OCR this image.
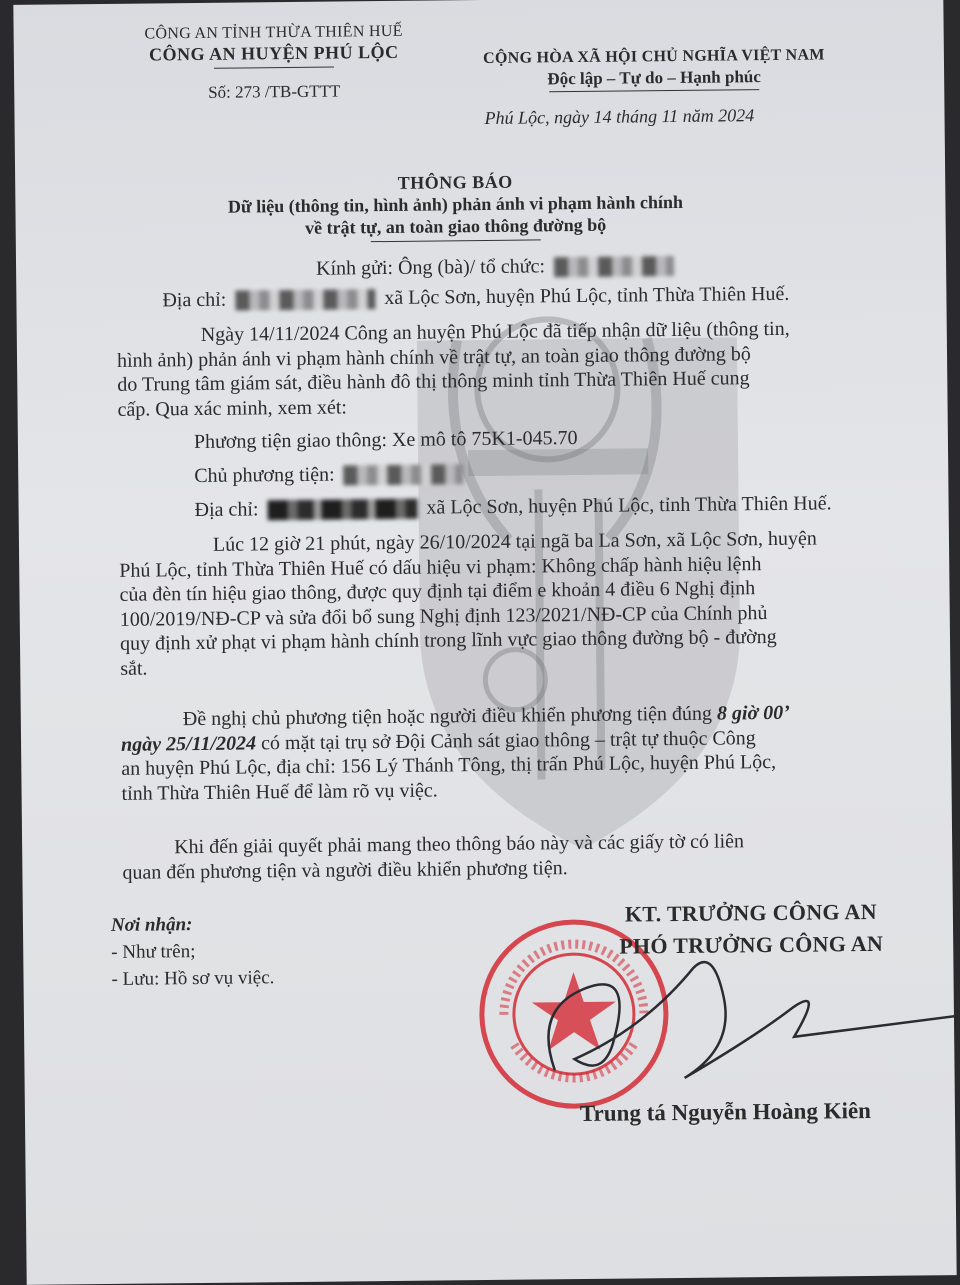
CÔNG AN TỈNH THỪA THIÊN HUẾ
CÔNG AN HUYỆN PHÚ LỘC
Số: 273 /TB-GTTT
CỘNG HÒA XÃ HỘI CHỦ NGHĨA VIỆT NAM
Độc lập – Tự do – Hạnh phúc
Phú Lộc, ngày 14 tháng 11 năm 2024
THÔNG BÁO
Dữ liệu (thông tin, hình ảnh) phản ánh vi phạm hành chính
về trật tự, an toàn giao thông đường bộ
Kính gửi: Ông (bà)/ tổ chức:
Địa chỉ:	xã Lộc Sơn, huyện Phú Lộc, tỉnh Thừa Thiên Huế.
Ngày 14/11/2024 Công an huyện Phú Lộc đã tiếp nhận dữ liệu (thông tin,
hình ảnh) phản ánh vi phạm hành chính về trật tự, an toàn giao thông đường bộ
do Trung tâm giám sát, điều hành đô thị thông minh tỉnh Thừa Thiên Huế cung
cấp. Qua xác minh, xem xét:
Phương tiện giao thông: Xe mô tô 75K1-045.70
Chủ phương tiện:
Địa chỉ:	xã Lộc Sơn, huyện Phú Lộc, tỉnh Thừa Thiên Huế.
Lúc 12 giờ 21 phút, ngày 26/10/2024 tại ngã ba La Sơn, xã Lộc Sơn, huyện
Phú Lộc, tỉnh Thừa Thiên Huế có dấu hiệu vi phạm: Không chấp hành hiệu lệnh
của đèn tín hiệu giao thông, được quy định tại điểm e khoản 4 điều 6 Nghị định
100/2019/NĐ-CP và sửa đổi bổ sung Nghị định 123/2021/NĐ-CP của Chính phủ
quy định xử phạt vi phạm hành chính trong lĩnh vực giao thông đường bộ - đường
sắt.
Đề nghị chủ phương tiện hoặc người điều khiển phương tiện đúng 8 giờ 00’
ngày 25/11/2024 có mặt tại trụ sở Đội Cảnh sát giao thông – trật tự thuộc Công
an huyện Phú Lộc, địa chỉ: 156 Lý Thánh Tông, thị trấn Phú Lộc, huyện Phú Lộc,
tỉnh Thừa Thiên Huế để làm rõ vụ việc.
Khi đến giải quyết phải mang theo thông báo này và các giấy tờ có liên
quan đến phương tiện và người điều khiển phương tiện.
Nơi nhận:
- Như trên;
- Lưu: Hồ sơ vụ việc.
KT. TRƯỞNG CÔNG AN
PHÓ TRƯỞNG CÔNG AN
Trung tá Nguyễn Hoàng Kiên
